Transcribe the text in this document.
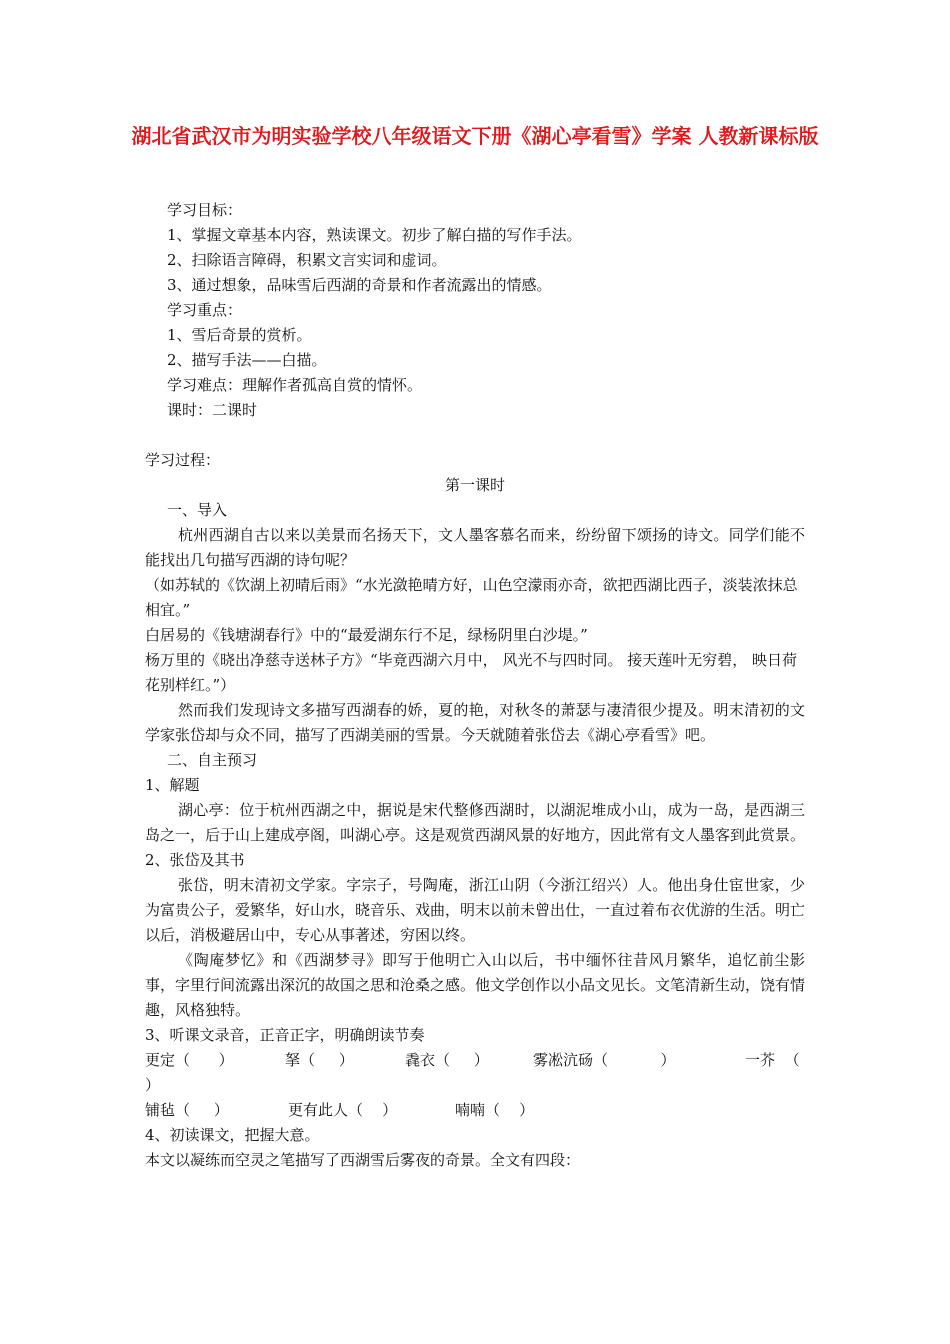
湖北省武汉市为明实验学校八年级语文下册《湖心亭看雪》学案 人教新课标版
学习目标：
1、掌握文章基本内容，熟读课文。初步了解白描的写作手法。
2、扫除语言障碍，积累文言实词和虚词。
3、通过想象，品味雪后西湖的奇景和作者流露出的情感。
学习重点：
1、雪后奇景的赏析。
2、描写手法——白描。
学习难点：理解作者孤高自赏的情怀。
课时：二课时
学习过程：
第一课时
一、导入
杭州西湖自古以来以美景而名扬天下，文人墨客慕名而来，纷纷留下颂扬的诗文。同学们能不能找出几句描写西湖的诗句呢？
（如苏轼的《饮湖上初晴后雨》“水光潋艳晴方好，山色空濛雨亦奇，欲把西湖比西子，淡装浓抹总相宜。”
白居易的《钱塘湖春行》中的“最爱湖东行不足，绿杨阴里白沙堤。”
杨万里的《晓出净慈寺送林子方》“毕竟西湖六月中， 风光不与四时同。 接天莲叶无穷碧， 映日荷花别样红。”）
然而我们发现诗文多描写西湖春的娇，夏的艳，对秋冬的萧瑟与凄清很少提及。明末清初的文学家张岱却与众不同，描写了西湖美丽的雪景。今天就随着张岱去《湖心亭看雪》吧。
二、自主预习
1、解题
湖心亭：位于杭州西湖之中，据说是宋代整修西湖时，以湖泥堆成小山，成为一岛，是西湖三岛之一，后于山上建成亭阁，叫湖心亭。这是观赏西湖风景的好地方，因此常有文人墨客到此赏景。
2、张岱及其书
张岱，明末清初文学家。字宗子，号陶庵，浙江山阴（今浙江绍兴）人。他出身仕宦世家，少为富贵公子，爱繁华，好山水，晓音乐、戏曲，明末以前未曾出仕，一直过着布衣优游的生活。明亡以后，消极避居山中，专心从事著述，穷困以终。
《陶庵梦忆》和《西湖梦寻》即写于他明亡入山以后，书中缅怀往昔风月繁华，追忆前尘影事，字里行间流露出深沉的故国之思和沧桑之感。他文学创作以小品文见长。文笔清新生动，饶有情趣，风格独特。
3、听课文录音，正音正字，明确朗读节奏
更定（ ）	拏（ ）	毳衣（ ）	雾凇沆砀（	）	一芥 （
）
铺毡（ ）	更有此人（ ）	喃喃（ ）
4、初读课文，把握大意。
本文以凝练而空灵之笔描写了西湖雪后雾夜的奇景。全文有四段：
